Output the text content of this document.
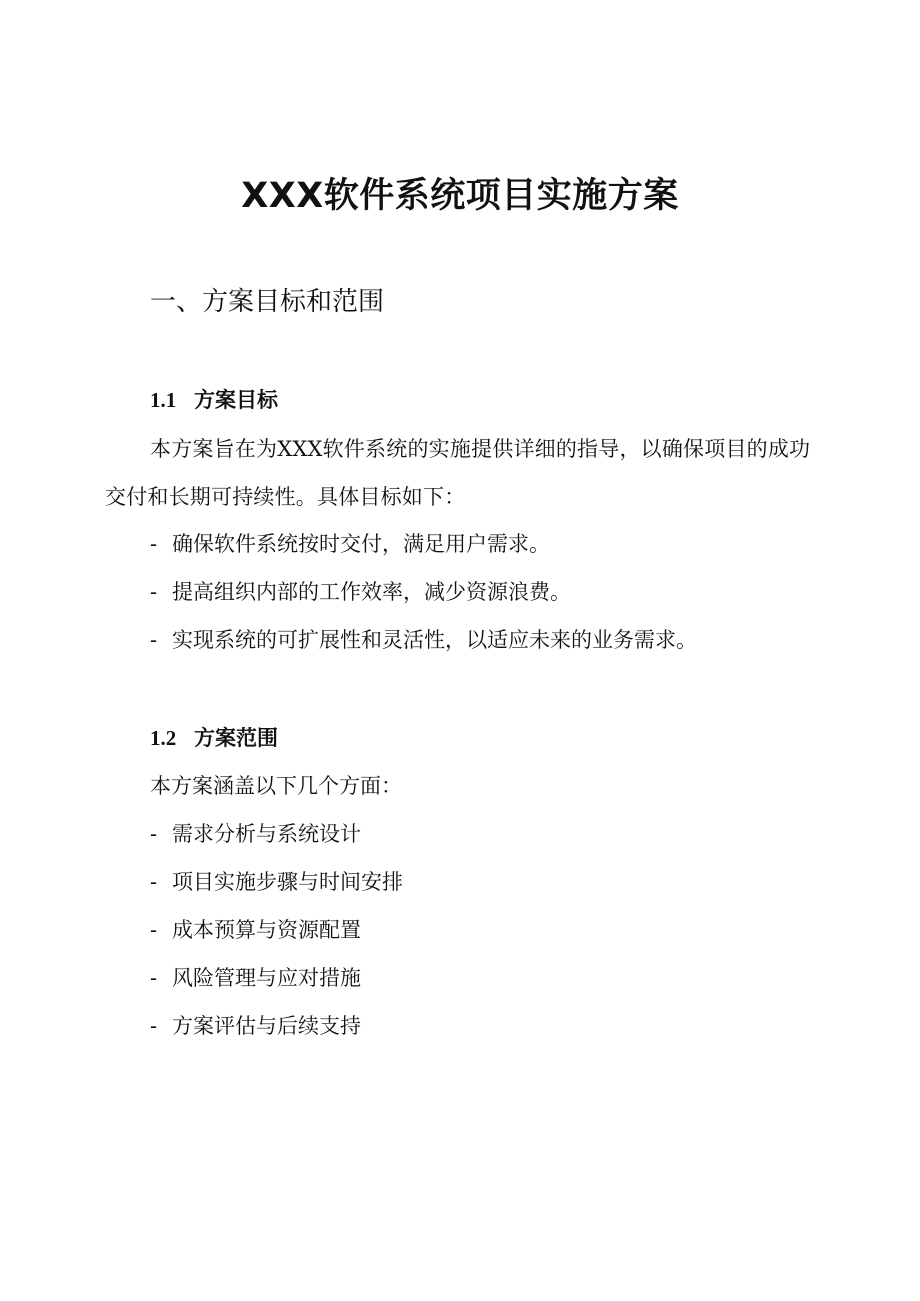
XXX软件系统项目实施方案
一、方案目标和范围
1.1 方案目标

本方案旨在为XXX软件系统的实施提供详细的指导，以确保项目的成功交付和长期可持续性。具体目标如下：

- 确保软件系统按时交付，满足用户需求。
- 提高组织内部的工作效率，减少资源浪费。
- 实现系统的可扩展性和灵活性，以适应未来的业务需求。
1.2 方案范围
本方案涵盖以下几个方面：
- 需求分析与系统设计
- 项目实施步骤与时间安排
- 成本预算与资源配置
- 风险管理与应对措施
- 方案评估与后续支持
